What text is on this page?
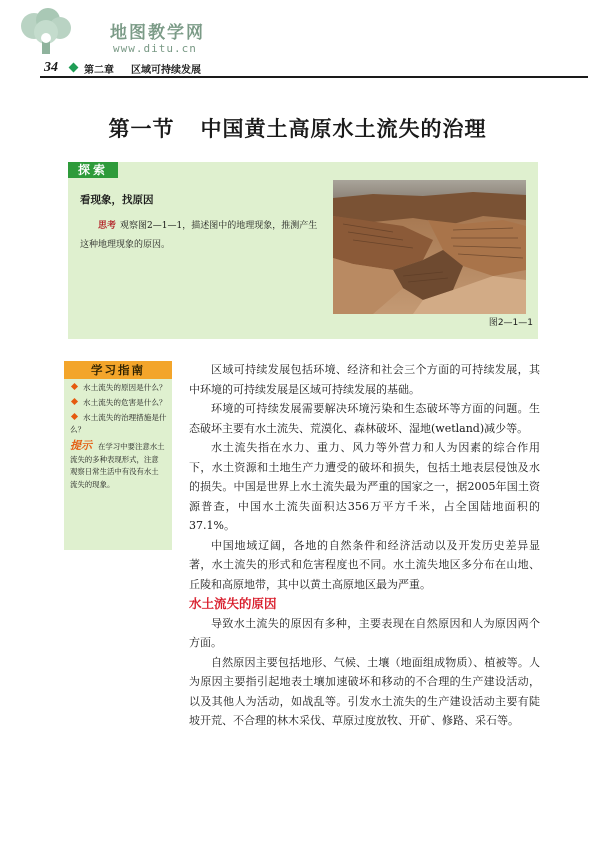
地图教学网
www.ditu.cn
34	第二章 区域可持续发展
第一节 中国黄土高原水土流失的治理
探索
看现象，找原因
思考 观察图2—1—1，描述图中的地理现象，推测产生这种地理现象的原因。
图2—1—1
学习指南
水土流失的原因是什么？
水土流失的危害是什么？
水土流失的治理措施是什么？
提示 在学习中要注意水土流失的多种表现形式，注意观察日常生活中有没有水土流失的现象。

区域可持续发展包括环境、经济和社会三个方面的可持续发展，其中环境的可持续发展是区域可持续发展的基础。

环境的可持续发展需要解决环境污染和生态破坏等方面的问题。生态破坏主要有水土流失、荒漠化、森林破坏、湿地(wetland)减少等。

水土流失指在水力、重力、风力等外营力和人为因素的综合作用下，水土资源和土地生产力遭受的破坏和损失，包括土地表层侵蚀及水的损失。中国是世界上水土流失最为严重的国家之一，据2005年国土资源普查，中国水土流失面积达356万平方千米，占全国陆地面积的37.1%。

中国地域辽阔，各地的自然条件和经济活动以及开发历史差异显著，水土流失的形式和危害程度也不同。水土流失地区多分布在山地、丘陵和高原地带，其中以黄土高原地区最为严重。

水土流失的原因

导致水土流失的原因有多种，主要表现在自然原因和人为原因两个方面。

自然原因主要包括地形、气候、土壤（地面组成物质）、植被等。人为原因主要指引起地表土壤加速破坏和移动的不合理的生产建设活动，以及其他人为活动，如战乱等。引发水土流失的生产建设活动主要有陡坡开荒、不合理的林木采伐、草原过度放牧、开矿、修路、采石等。
